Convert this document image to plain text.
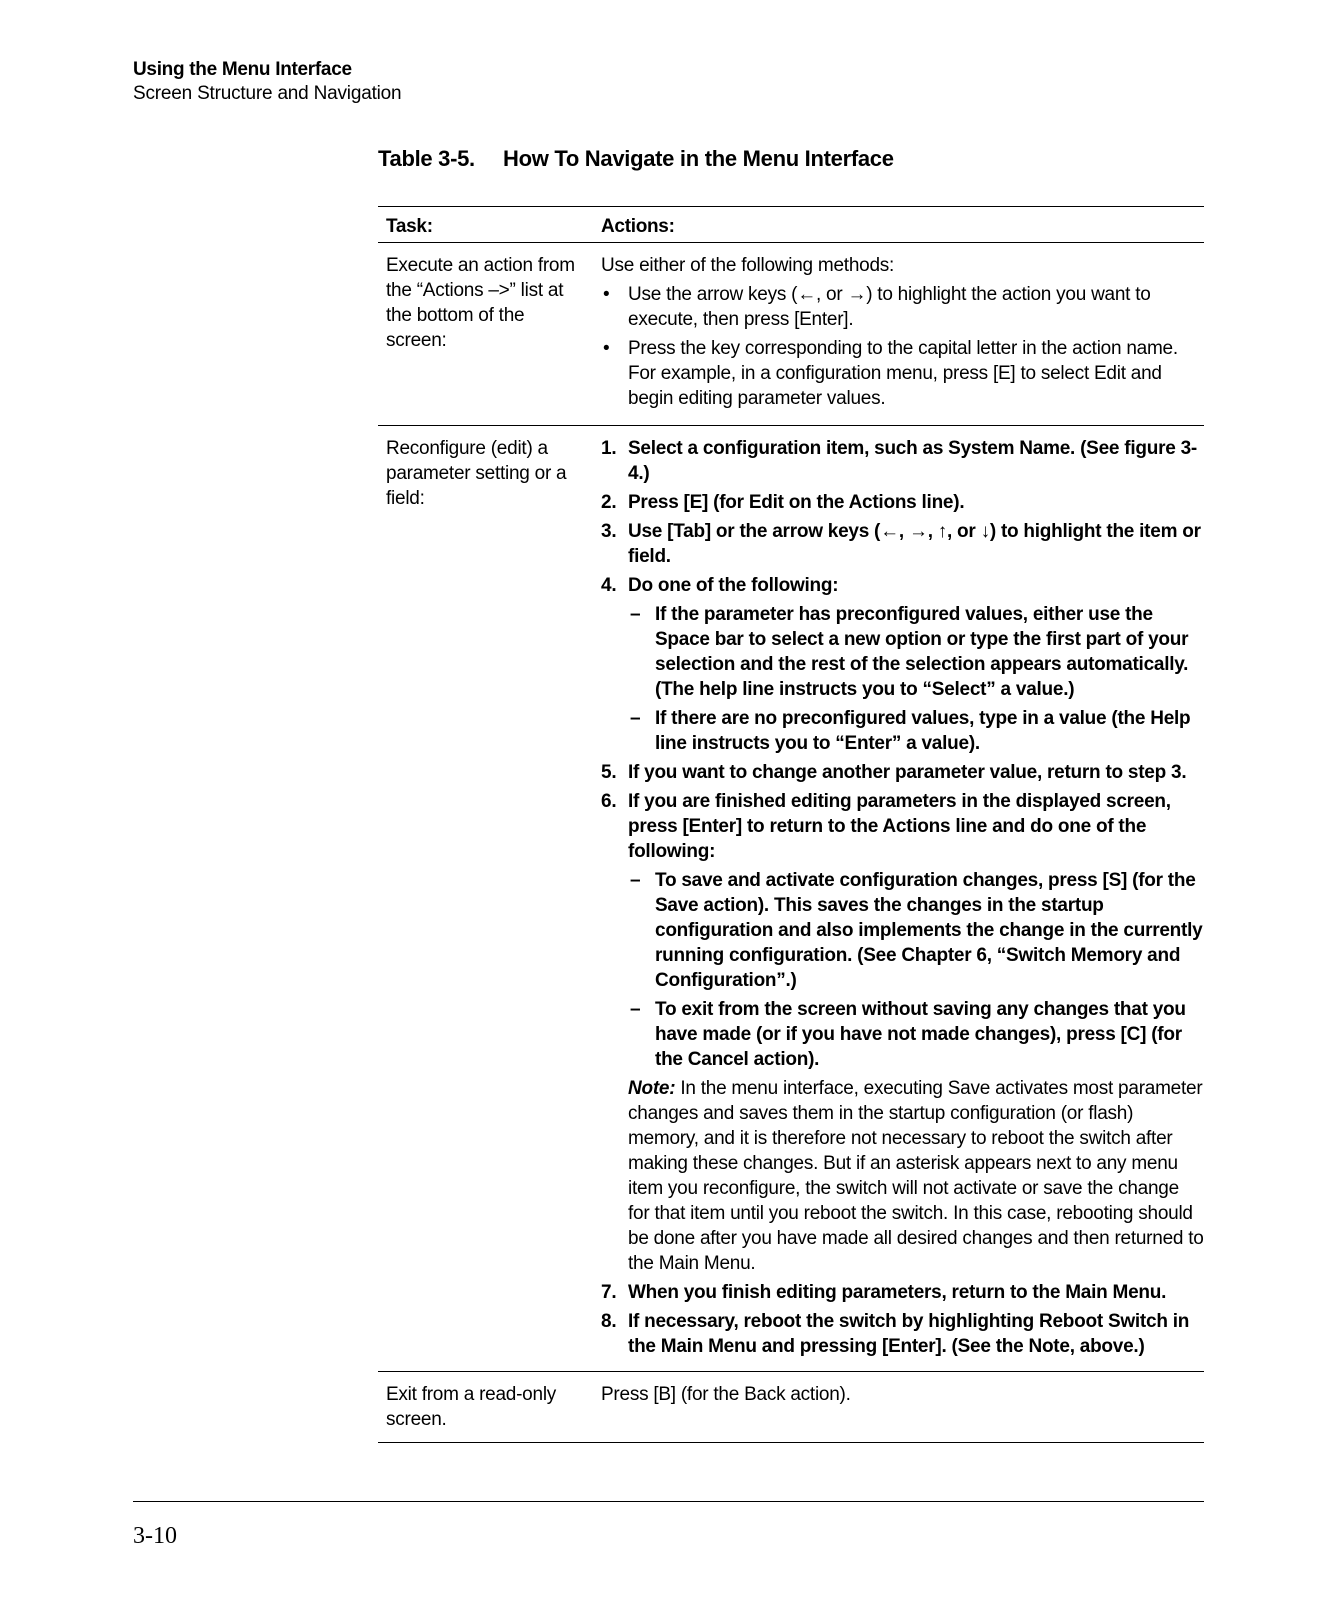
Using the Menu Interface
Screen Structure and Navigation
Table 3-5. How To Navigate in the Menu Interface
Task:	Actions:
Execute an action from the “Actions –>” list at the bottom of the screen:
Use either of the following methods:
• Use the arrow keys (←, or →) to highlight the action you want to execute, then press [Enter].
• Press the key corresponding to the capital letter in the action name. For example, in a configuration menu, press [E] to select Edit and begin editing parameter values.
Reconfigure (edit) a parameter setting or a field:
1. Select a configuration item, such as System Name. (See figure 3-4.)
2. Press [E] (for Edit on the Actions line).
3. Use [Tab] or the arrow keys (←, →, ↑, or ↓) to highlight the item or field.
4. Do one of the following:
– If the parameter has preconfigured values, either use the Space bar to select a new option or type the first part of your selection and the rest of the selection appears automatically. (The help line instructs you to “Select” a value.)
– If there are no preconfigured values, type in a value (the Help line instructs you to “Enter” a value).
5. If you want to change another parameter value, return to step 3.
6. If you are finished editing parameters in the displayed screen, press [Enter] to return to the Actions line and do one of the following:
– To save and activate configuration changes, press [S] (for the Save action). This saves the changes in the startup configuration and also implements the change in the currently running configuration. (See Chapter 6, “Switch Memory and Configuration”.)
– To exit from the screen without saving any changes that you have made (or if you have not made changes), press [C] (for the Cancel action).
Note: In the menu interface, executing Save activates most parameter changes and saves them in the startup configuration (or flash) memory, and it is therefore not necessary to reboot the switch after making these changes. But if an asterisk appears next to any menu item you reconfigure, the switch will not activate or save the change for that item until you reboot the switch. In this case, rebooting should be done after you have made all desired changes and then returned to the Main Menu.
7. When you finish editing parameters, return to the Main Menu.
8. If necessary, reboot the switch by highlighting Reboot Switch in the Main Menu and pressing [Enter]. (See the Note, above.)
Exit from a read-only screen.
Press [B] (for the Back action).
3-10
